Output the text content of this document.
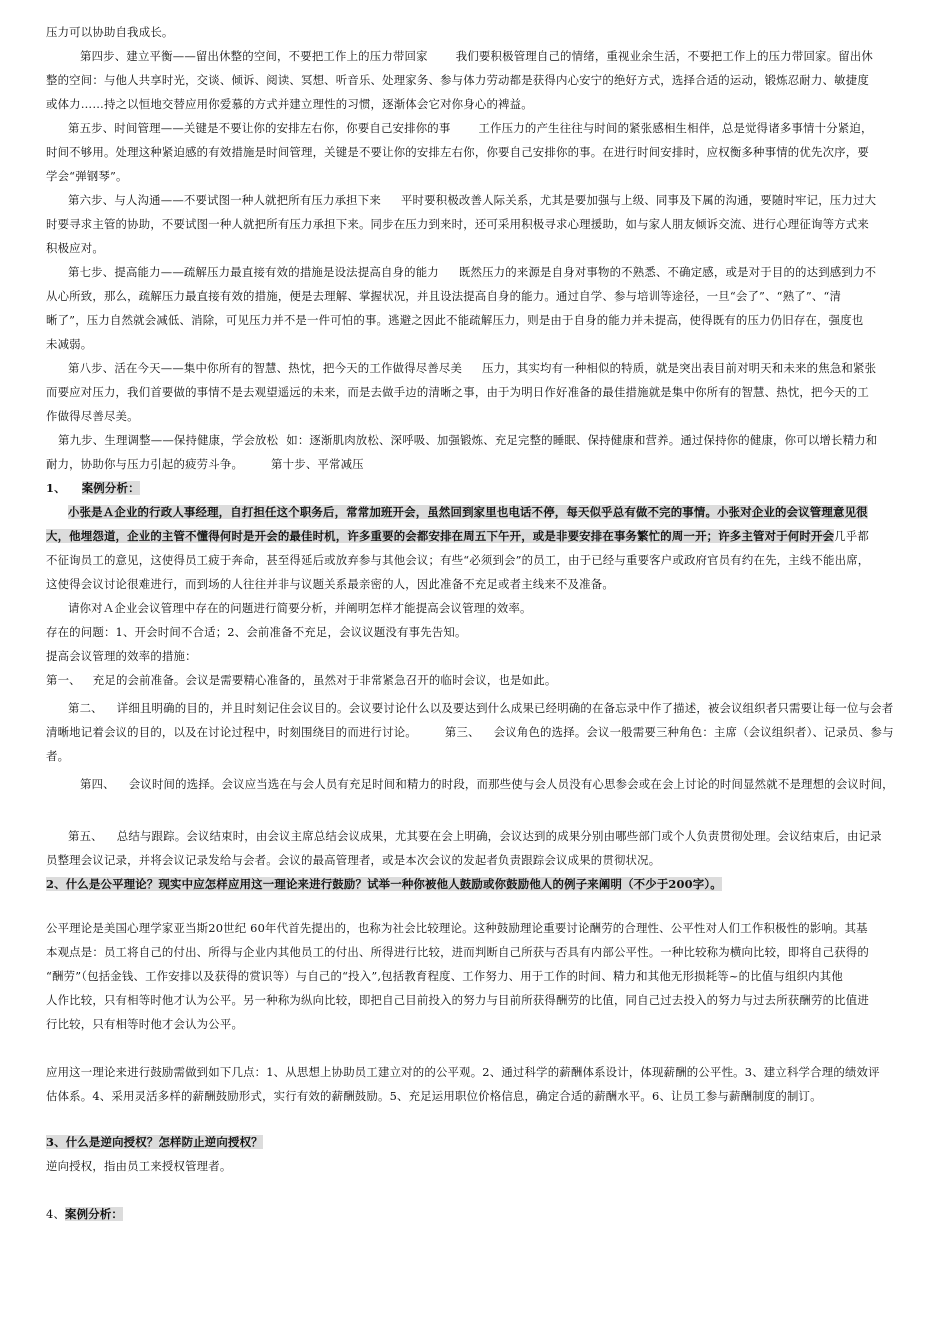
压力可以协助自我成长。
第四步、建立平衡——留出休整的空间，不要把工作上的压力带回家 我们要积极管理自己的情绪，重视业余生活，不要把工作上的压力带回家。留出休
整的空间：与他人共享时光，交谈、倾诉、阅读、冥想、听音乐、处理家务、参与体力劳动都是获得内心安宁的绝好方式，选择合适的运动，锻炼忍耐力、敏捷度
或体力……持之以恒地交替应用你爱慕的方式并建立理性的习惯，逐渐体会它对你身心的裨益。
第五步、时间管理——关键是不要让你的安排左右你，你要自己安排你的事 工作压力的产生往往与时间的紧张感相生相伴，总是觉得诸多事情十分紧迫，
时间不够用。处理这种紧迫感的有效措施是时间管理，关键是不要让你的安排左右你，你要自己安排你的事。在进行时间安排时，应权衡多种事情的优先次序，要
学会“弹钢琴”。
第六步、与人沟通——不要试图一种人就把所有压力承担下来 平时要积极改善人际关系，尤其是要加强与上级、同事及下属的沟通，要随时牢记，压力过大
时要寻求主管的协助，不要试图一种人就把所有压力承担下来。同步在压力到来时，还可采用积极寻求心理援助，如与家人朋友倾诉交流、进行心理征询等方式来
积极应对。
第七步、提高能力——疏解压力最直接有效的措施是设法提高自身的能力 既然压力的来源是自身对事物的不熟悉、不确定感，或是对于目的的达到感到力不
从心所致，那么，疏解压力最直接有效的措施，便是去理解、掌握状况，并且设法提高自身的能力。通过自学、参与培训等途径，一旦“会了”、“熟了”、“清
晰了”，压力自然就会减低、消除，可见压力并不是一件可怕的事。逃避之因此不能疏解压力，则是由于自身的能力并未提高，使得既有的压力仍旧存在，强度也
未减弱。
第八步、活在今天——集中你所有的智慧、热忱，把今天的工作做得尽善尽美 压力，其实均有一种相似的特质，就是突出表目前对明天和未来的焦急和紧张
而要应对压力，我们首要做的事情不是去观望遥远的未来，而是去做手边的清晰之事，由于为明日作好准备的最佳措施就是集中你所有的智慧、热忱，把今天的工
作做得尽善尽美。
第九步、生理调整——保持健康，学会放松 如：逐渐肌肉放松、深呼吸、加强锻炼、充足完整的睡眠、保持健康和营养。通过保持你的健康，你可以增长精力和
耐力，协助你与压力引起的疲劳斗争。 第十步、平常减压
1、 案例分析：
小张是Ａ企业的行政人事经理，自打担任这个职务后，常常加班开会，虽然回到家里也电话不停，每天似乎总有做不完的事情。小张对企业的会议管理意见很
大，他埋怨道，企业的主管不懂得何时是开会的最佳时机，许多重要的会都安排在周五下午开，或是非要安排在事务繁忙的周一开；许多主管对于何时开会几乎都
不征询员工的意见，这使得员工疲于奔命，甚至得延后或放弃参与其他会议；有些“必须到会”的员工，由于已经与重要客户或政府官员有约在先，主线不能出席，
这使得会议讨论很难进行，而到场的人往往并非与议题关系最亲密的人，因此准备不充足或者主线来不及准备。
请你对Ａ企业会议管理中存在的问题进行简要分析，并阐明怎样才能提高会议管理的效率。
存在的问题：1、开会时间不合适；2、会前准备不充足，会议议题没有事先告知。
提高会议管理的效率的措施：
第一、 充足的会前准备。会议是需要精心准备的，虽然对于非常紧急召开的临时会议，也是如此。
第二、 详细且明确的目的，并且时刻记住会议目的。会议要讨论什么以及要达到什么成果已经明确的在备忘录中作了描述，被会议组织者只需要让每一位与会者
清晰地记着会议的目的，以及在讨论过程中，时刻围绕目的而进行讨论。 第三、 会议角色的选择。会议一般需要三种角色：主席（会议组织者）、记录员、参与
者。
第四、 会议时间的选择。会议应当选在与会人员有充足时间和精力的时段，而那些使与会人员没有心思参会或在会上讨论的时间显然就不是理想的会议时间，
第五、 总结与跟踪。会议结束时，由会议主席总结会议成果，尤其要在会上明确，会议达到的成果分别由哪些部门或个人负责贯彻处理。会议结束后，由记录
员整理会议记录，并将会议记录发给与会者。会议的最高管理者，或是本次会议的发起者负责跟踪会议成果的贯彻状况。
2、什么是公平理论？现实中应怎样应用这一理论来进行鼓励？试举一种你被他人鼓励或你鼓励他人的例子来阐明（不少于200字）。
公平理论是美国心理学家亚当斯20世纪 60年代首先提出的，也称为社会比较理论。这种鼓励理论重要讨论酬劳的合理性、公平性对人们工作积极性的影响。其基
本观点是：员工将自己的付出、所得与企业内其他员工的付出、所得进行比较，进而判断自己所获与否具有内部公平性。一种比较称为横向比较，即将自己获得的
“酬劳”（包括金钱、工作安排以及获得的赏识等）与自己的“投入”,包括教育程度、工作努力、用于工作的时间、精力和其他无形损耗等~的比值与组织内其他
人作比较，只有相等时他才认为公平。另一种称为纵向比较，即把自己目前投入的努力与目前所获得酬劳的比值，同自己过去投入的努力与过去所获酬劳的比值进
行比较，只有相等时他才会认为公平。
应用这一理论来进行鼓励需做到如下几点：1、从思想上协助员工建立对的的公平观。2、通过科学的薪酬体系设计，体现薪酬的公平性。3、建立科学合理的绩效评
估体系。4、采用灵活多样的薪酬鼓励形式，实行有效的薪酬鼓励。5、充足运用职位价格信息，确定合适的薪酬水平。6、让员工参与薪酬制度的制订。
3、什么是逆向授权？怎样防止逆向授权？
逆向授权，指由员工来授权管理者。
4、案例分析：
